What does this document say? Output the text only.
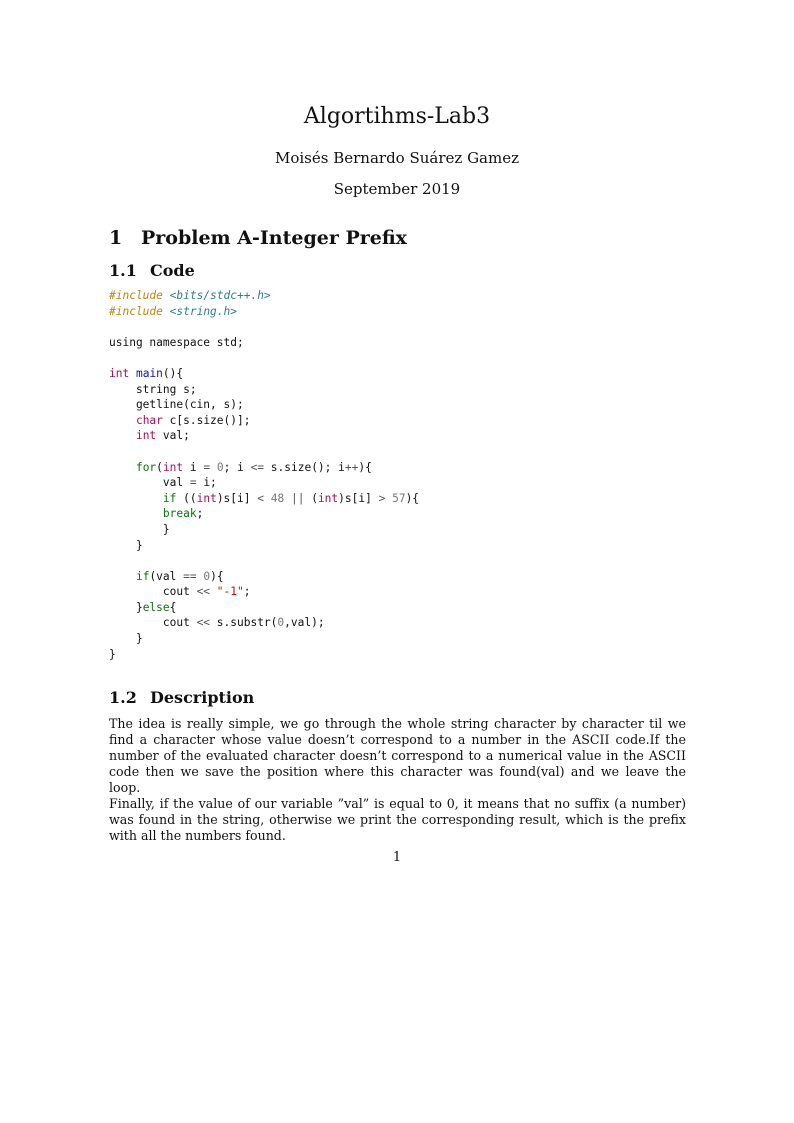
Algortihms-Lab3
Moisés Bernardo Suárez Gamez
September 2019
1 Problem A-Integer Prefix
1.1 Code
#include <bits/stdc++.h>
#include <string.h>

using namespace std;

int main(){
string s;
getline(cin, s);
char c[s.size()];
int val;

for(int i = 0; i <= s.size(); i++){
val = i;
if ((int)s[i] < 48 || (int)s[i] > 57){
break;
}
}

if(val == 0){
cout << "-1";
}else{
cout << s.substr(0,val);
}
}
1.2 Description

The idea is really simple, we go through the whole string character by character til we find a character whose value doesn’t correspond to a number in the ASCII code.If the number of the evaluated character doesn’t correspond to a numerical value in the ASCII code then we save the position where this character was found(val) and we leave the loop.

Finally, if the value of our variable ”val” is equal to 0, it means that no suffix (a number) was found in the string, otherwise we print the corresponding result, which is the prefix with all the numbers found.

1
